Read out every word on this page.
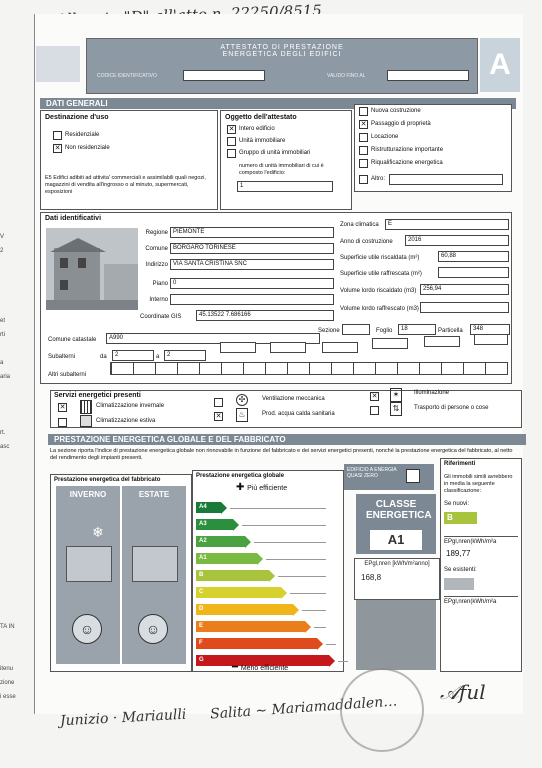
V
2

et
rti

a
aria

rt.
asc
ATTESTATO DI PRESTAZIONE
ENERGETICA DEGLI EDIFICI
CODICE IDENTIFICATIVO	VALIDO FINO AL	A
DATI GENERALI
Destinazione d'uso
Residenziale
✕ Non residenziale
E5 Edifici adibiti ad attivita' commerciali e assimilabili quali negozi, magazzini di vendita all'ingrosso o al minuto, supermercati, esposizioni
Oggetto dell'attestato
✕ Intero edificio
Unità immobiliare
Gruppo di unità immobiliari
numero di unità immobiliari di cui è composto l'edificio:
1
Nuova costruzione
✕ Passaggio di proprietà
Locazione
Ristrutturazione importante
Riqualificazione energetica
Altro:
Dati identificativi
Regione PIEMONTE
Comune BORGARO TORINESE
Indirizzo VIA SANTA CRISTINA SNC
Piano 0
Interno
Coordinate GIS	45.13522 7.686166
Zona climatica	E
Anno di costruzione	2016
Superficie utile riscaldata (m²)	60,88
Superficie utile raffrescata (m²)
Volume lordo riscaldato (m3)	256,94
Volume lordo raffrescato (m3)
Comune catastale	A990
Sezione	Foglio	18	Particella	348
Subalterni	da	2	a	2
Altri subalterni
Servizi energetici presenti
✕	Climatizzazione invernale
Climatizzazione estiva
✣	Ventilazione meccanica
✕	♨	Prod. acqua calda sanitaria
✕	✶	Illuminazione
⇅	Trasporto di persone o cose
PRESTAZIONE ENERGETICA GLOBALE E DEL FABBRICATO
La sezione riporta l'indice di prestazione energetica globale non rinnovabile in funzione del fabbricato e dei servizi energetici presenti, nonché la prestazione energetica del fabbricato, al netto del rendimento degli impianti presenti.
Prestazione energetica del fabbricato
INVERNO
❄
☺
ESTATE
☺
Prestazione energetica globale
✚ Più efficiente
A4
A3
A2
A1
B
C
D
E
F
G
━ Meno efficiente
EDIFICIO A ENERGIA QUASI ZERO
CLASSE ENERGETICA
A1
EPgl,nren [kWh/m²anno]
168,8
Riferimenti
Gli immobili simili avrebbero in media la seguente classificazione:
Se nuovi:
B
EPgl,nren(kWh/m²a
189,77
Se esistenti:
EPgl,nren(kWh/m²a
Junizio · Mariaulli Salita ~ Mariamaddalen…
𝒜ful
TA IN

itenu
zione
i esse
